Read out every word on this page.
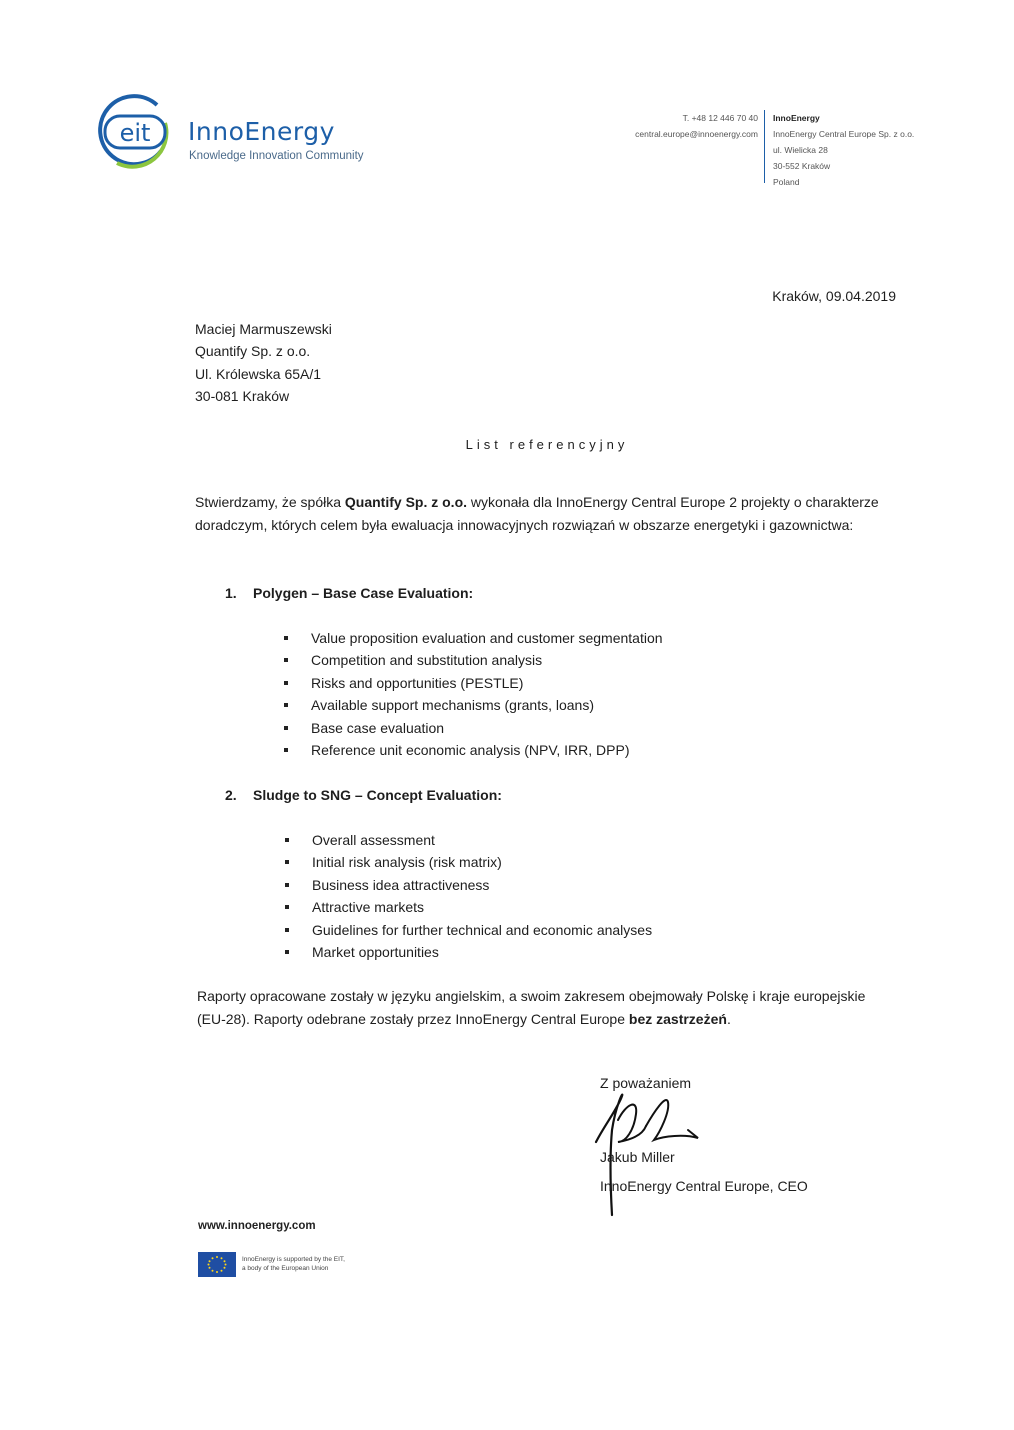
eit InnoEnergy
Knowledge Innovation Community
T. +48 12 446 70 40
central.europe@innoenergy.com
InnoEnergy
InnoEnergy Central Europe Sp. z o.o.
ul. Wielicka 28
30-552 Kraków
Poland
Kraków, 09.04.2019
Maciej Marmuszewski
Quantify Sp. z o.o.
Ul. Królewska 65A/1
30-081 Kraków
List referencyjny
Stwierdzamy, że spółka Quantify Sp. z o.o. wykonała dla InnoEnergy Central Europe 2 projekty o charakterze doradczym, których celem była ewaluacja innowacyjnych rozwiązań w obszarze energetyki i gazownictwa:
1. Polygen – Base Case Evaluation:
Value proposition evaluation and customer segmentation
Competition and substitution analysis
Risks and opportunities (PESTLE)
Available support mechanisms (grants, loans)
Base case evaluation
Reference unit economic analysis (NPV, IRR, DPP)
2. Sludge to SNG – Concept Evaluation:
Overall assessment
Initial risk analysis (risk matrix)
Business idea attractiveness
Attractive markets
Guidelines for further technical and economic analyses
Market opportunities
Raporty opracowane zostały w języku angielskim, a swoim zakresem obejmowały Polskę i kraje europejskie (EU-28). Raporty odebrane zostały przez InnoEnergy Central Europe bez zastrzeżeń.
Z poważaniem
Jakub Miller
InnoEnergy Central Europe, CEO
www.innoenergy.com
InnoEnergy is supported by the EIT,
a body of the European Union
